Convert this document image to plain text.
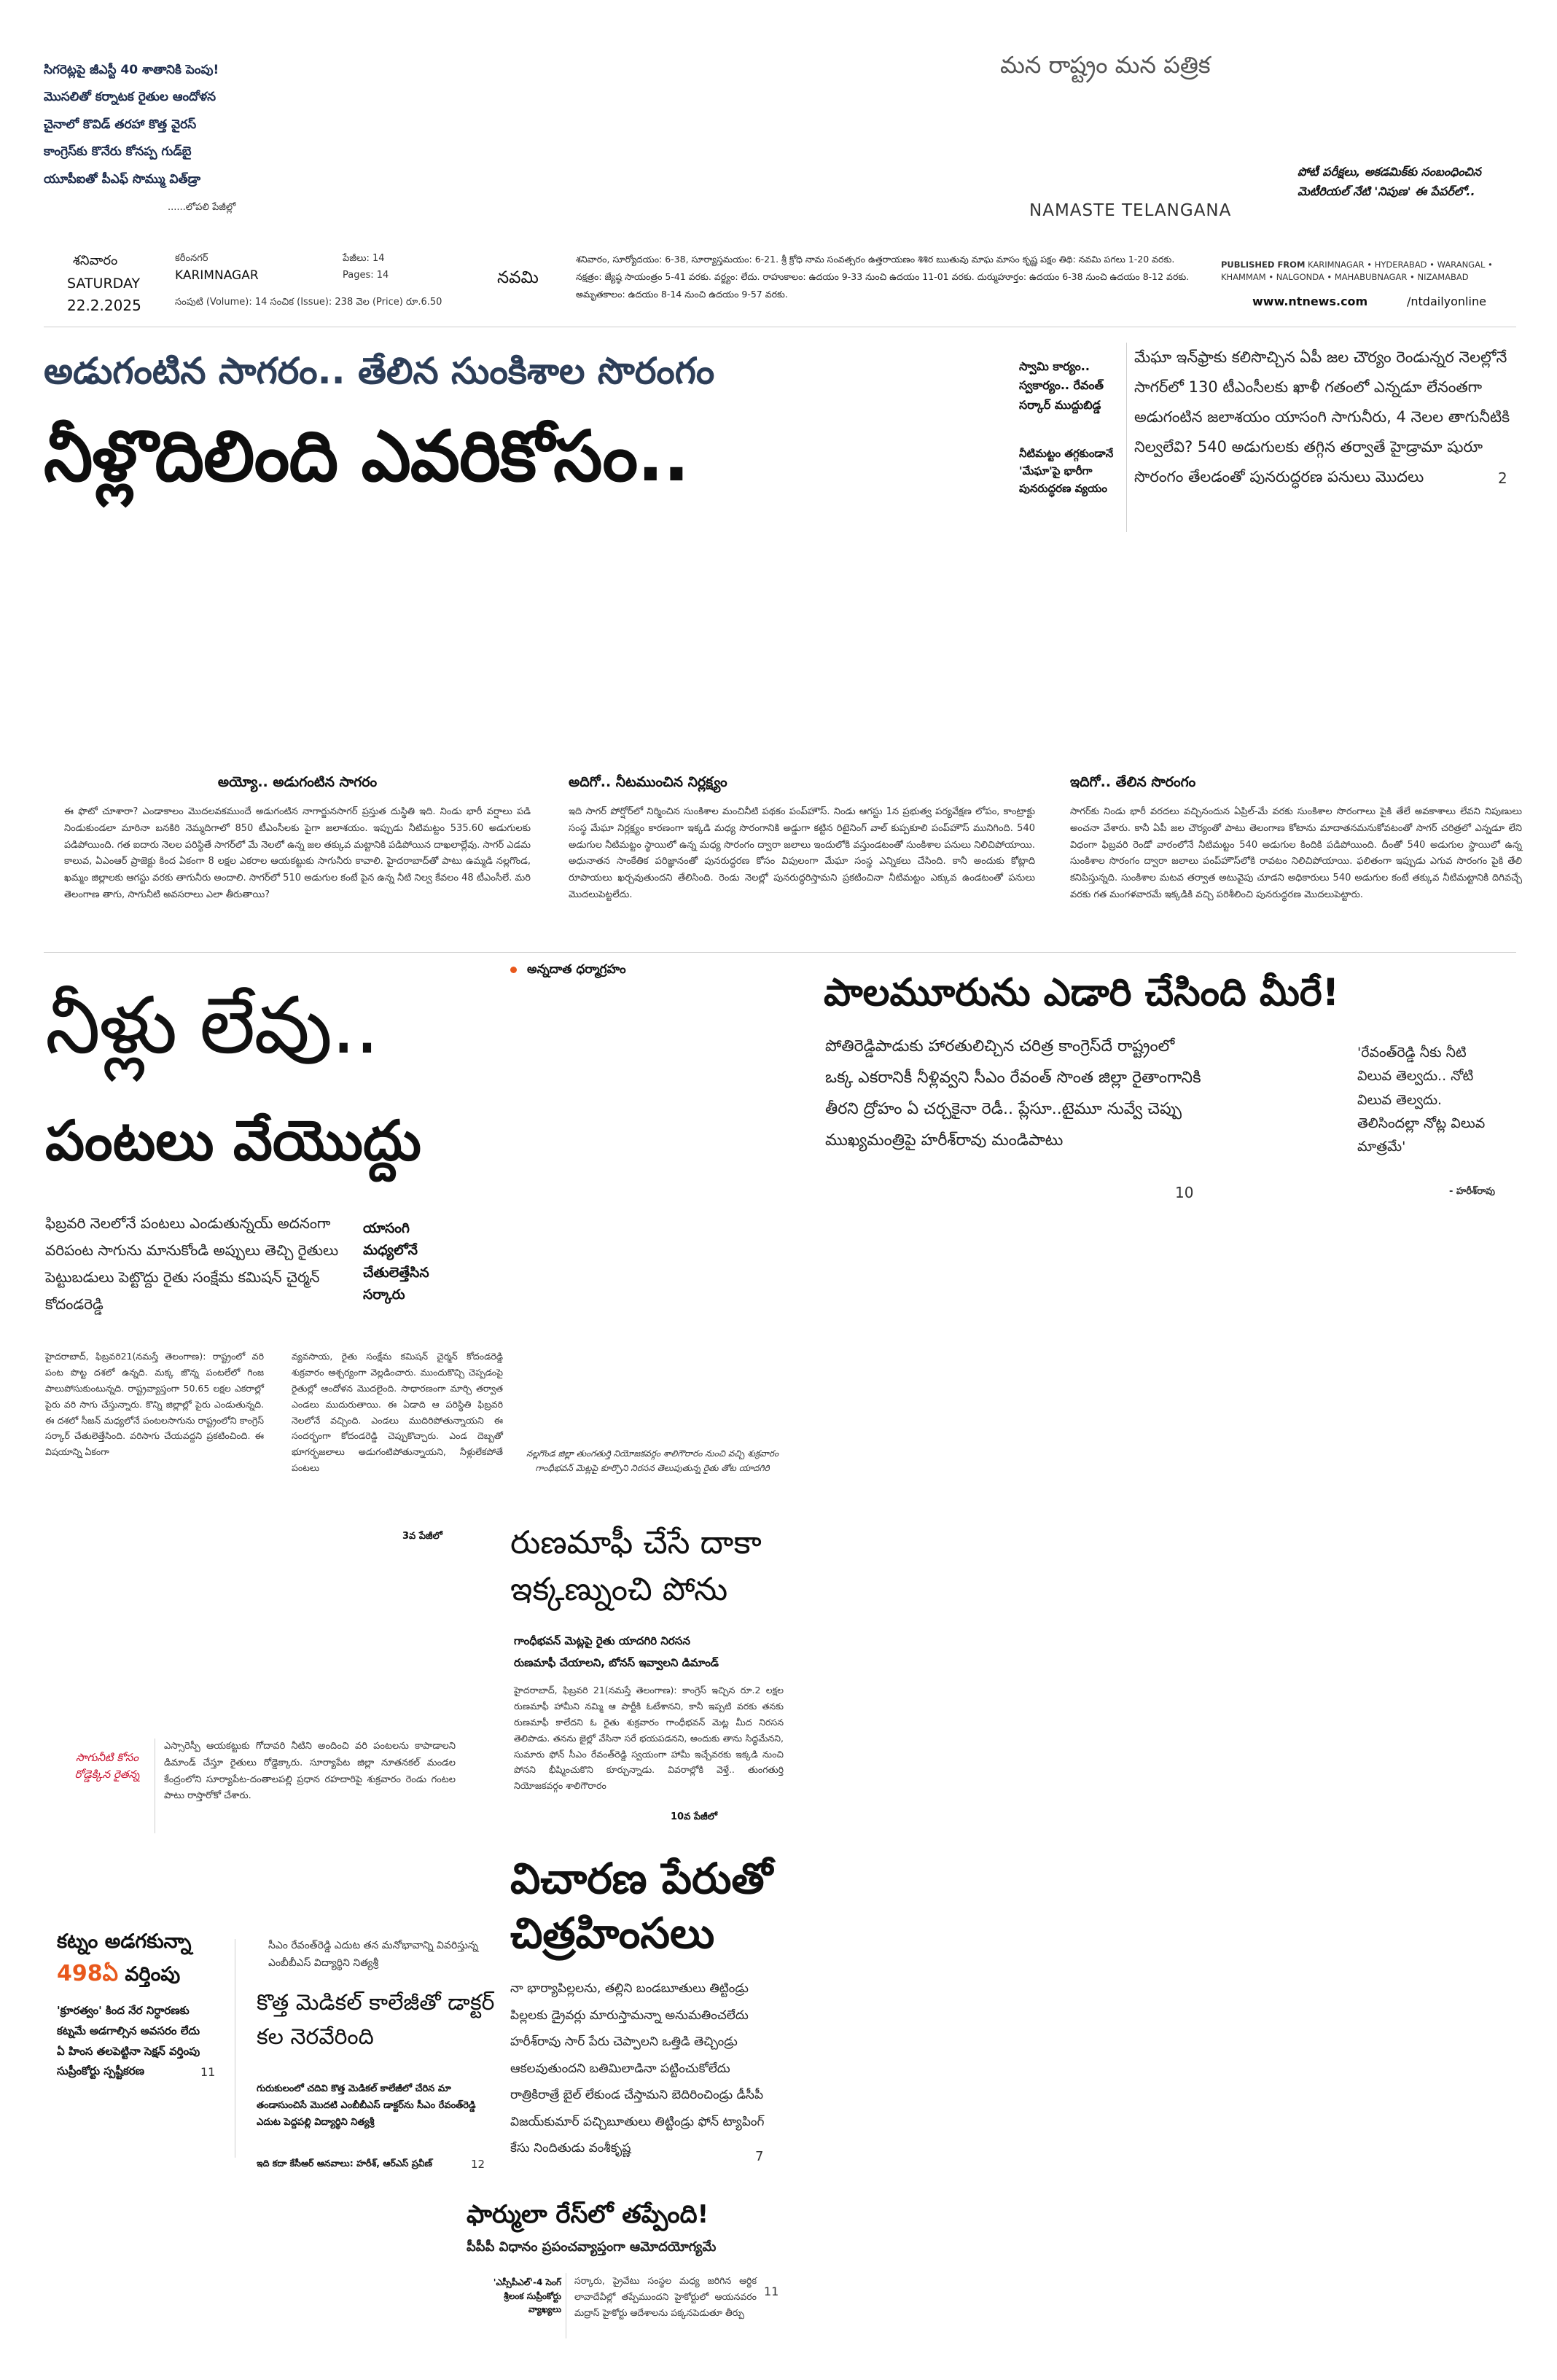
సిగరెట్లపై జీఎస్టీ 40 శాతానికి పెంపు!
మొసలితో కర్నాటక రైతుల ఆందోళన
చైనాలో కొవిడ్ తరహా కొత్త వైరస్
కాంగ్రెస్‌కు కొనేరు కోనప్ప గుడ్‌బై
యూపీఐతో పీఎఫ్ సొమ్ము విత్‌డ్రా
......లోపలి పేజీల్లో
మన రాష్ట్రం మన పత్రిక
NAMASTE TELANGANA
పోటీ పరీక్షలు, అకడమిక్‌కు సంబంధించిన మెటీరియల్ నేటి 'నిపుణ' ఈ పేపర్‌లో..
శనివారం
SATURDAY
22.2.2025
కరీంనగర్
KARIMNAGAR
పేజీలు: 14
Pages: 14
సంపుటి (Volume): 14 సంచిక (Issue): 238 వెల (Price) రూ.6.50
నవమి
శనివారం, సూర్యోదయం: 6-38, సూర్యాస్తమయం: 6-21. శ్రీ క్రోధి నామ సంవత్సరం ఉత్తరాయణం శిశిర ఋతువు మాఘ మాసం కృష్ణ పక్షం తిథి: నవమి పగలు 1-20 వరకు. నక్షత్రం: జ్యేష్ఠ సాయంత్రం 5-41 వరకు. వర్జ్యం: లేదు. రాహుకాలం: ఉదయం 9-33 నుంచి ఉదయం 11-01 వరకు. దుర్ముహూర్తం: ఉదయం 6-38 నుంచి ఉదయం 8-12 వరకు. అమృతకాలం: ఉదయం 8-14 నుంచి ఉదయం 9-57 వరకు.
PUBLISHED FROM KARIMNAGAR • HYDERABAD • WARANGAL • KHAMMAM • NALGONDA • MAHABUBNAGAR • NIZAMABAD
www.ntnews.com	/ntdailyonline
అడుగంటిన సాగరం.. తేలిన సుంకిశాల సొరంగం
నీళ్లొదిలింది ఎవరికోసం..
స్వామి కార్యం.. స్వకార్యం.. రేవంత్ సర్కార్ ముద్దుబిడ్డ
నీటిమట్టం తగ్గకుండానే 'మేఘా'పై భారీగా పునరుద్ధరణ వ్యయం
మేఘా ఇన్‌ఫ్రాకు కలిసొచ్చిన ఏపీ జల చౌర్యం రెండున్నర నెలల్లోనే సాగర్‌లో 130 టీఎంసీలకు ఖాళీ గతంలో ఎన్నడూ లేనంతగా అడుగంటిన జలాశయం యాసంగి సాగునీరు, 4 నెలల తాగునీటికి నిల్వలేవి? 540 అడుగులకు తగ్గిన తర్వాతే హైడ్రామా షురూ సొరంగం తేలడంతో పునరుద్ధరణ పనులు మొదలు	2
అయ్యో.. అడుగంటిన సాగరం
ఈ ఫొటో చూశారా? ఎండాకాలం మొదలవకముందే అడుగంటిన నాగార్జునసాగర్ ప్రస్తుత దుస్థితి ఇది. నిండు భారీ వర్షాలు పడి నిండుకుండలా మారినా బనకిరి నెమ్మదిగాలో 850 టీఎంసీలకు పైగా జలాశయం. ఇప్పుడు నీటిమట్టం 535.60 అడుగులకు పడిపోయింది. గత ఐదారు నెలల పరిస్థితే సాగర్‌లో మే నెలలో ఉన్న జల తక్కువ మట్టానికి పడిపోయిన దాఖలాల్లేవు. సాగర్ ఎడమ కాలువ, ఏఎంఆర్ ప్రాజెక్టు కింద ఏకంగా 8 లక్షల ఎకరాల ఆయకట్టుకు సాగునీరు కావాలి. హైదరాబాద్‌తో పాటు ఉమ్మడి నల్లగొండ, ఖమ్మం జిల్లాలకు ఆగస్టు వరకు తాగునీరు అందాలి. సాగర్‌లో 510 అడుగుల కంటే పైన ఉన్న నీటి నిల్వ కేవలం 48 టీఎంసీలే. మరి తెలంగాణ తాగు, సాగునీటి అవసరాలు ఎలా తీరుతాయి?
అదిగో.. నీటముంచిన నిర్లక్ష్యం
ఇది సాగర్ పోర్షోర్‌లో నిర్మించిన సుంకిశాల మంచినీటి పథకం పంప్‌హౌస్. నిండు ఆగస్టు 1న ప్రభుత్వ పర్యవేక్షణ లోపం, కాంట్రాక్టు సంస్థ మేఘా నిర్లక్ష్యం కారణంగా ఇక్కడి మధ్య సొరంగానికి అడ్డుగా కట్టిన రిటైనింగ్ వాల్ కుప్పకూలి పంప్‌హౌస్ మునిగింది. 540 అడుగుల నీటిమట్టం స్థాయిలో ఉన్న మధ్య సొరంగం ద్వారా జలాలు ఇందులోకి వస్తుండటంతో సుంకిశాల పనులు నిలిచిపోయాయి. అధునాతన సాంకేతిక పరిజ్ఞానంతో పునరుద్ధరణ కోసం విపులంగా మేఘా సంస్థ ఎన్నికలు చేసింది. కానీ అందుకు కోట్లాది రూపాయలు ఖర్చవుతుందని తేలిసింది. రెండు నెలల్లో పునరుద్ధరిస్తామని ప్రకటించినా నీటిమట్టం ఎక్కువ ఉండటంతో పనులు మొదలుపెట్టలేదు.
ఇదిగో.. తేలిన సొరంగం
సాగర్‌కు నిండు భారీ వరదలు వచ్చినందున ఏప్రిల్-మే వరకు సుంకిశాల సొరంగాలు పైకి తేలే అవకాశాలు లేవని నిపుణులు అంచనా వేశారు. కానీ ఏపీ జల చౌర్యంతో పాటు తెలంగాణ కోటాను మాదాతనమనుకోవటంతో సాగర్ చరిత్రలో ఎన్నడూ లేని విధంగా ఫిబ్రవరి రెండో వారంలోనే నీటిమట్టం 540 అడుగుల కిందికి పడిపోయింది. దీంతో 540 అడుగుల స్థాయిలో ఉన్న సుంకిశాల సొరంగం ద్వారా జలాలు పంప్‌హౌస్‌లోకి రావటం నిలిచిపోయాయి. ఫలితంగా ఇప్పుడు ఎగువ సొరంగం పైకి తేలి కనిపిస్తున్నది. సుంకిశాల మటవ తర్వాత అటువైపు చూడని అధికారులు 540 అడుగుల కంటే తక్కువ నీటిమట్టానికి దిగివచ్చే వరకు గత మంగళవారమే ఇక్కడికి వచ్చి పరిశీలించి పునరుద్ధరణ మొదలుపెట్టారు.
నీళ్లు లేవు..
పంటలు వేయొద్దు
ఫిబ్రవరి నెలలోనే పంటలు ఎండుతున్నయ్ అదనంగా వరిపంట సాగును మానుకోండి అప్పులు తెచ్చి రైతులు పెట్టుబడులు పెట్టొద్దు రైతు సంక్షేమ కమిషన్ చైర్మన్ కోదండరెడ్డి
యాసంగి మధ్యలోనే చేతులెత్తేసిన సర్కారు
హైదరాబాద్, ఫిబ్రవరి21(నమస్తే తెలంగాణ): రాష్ట్రంలో వరి పంట పొట్ట దశలో ఉన్నది. మక్క జొన్న పంటలేలో గింజ పాలుపోసుకుంటున్నది. రాష్ట్రవ్యాప్తంగా 50.65 లక్షల ఎకరాల్లో పైరు వరి సాగు చేస్తున్నారు. కొన్ని జిల్లాల్లో పైరు ఎండుతున్నది. ఈ దశలో సీజన్ మధ్యలోనే పంటలసాగును రాష్ట్రంలోని కాంగ్రెస్ సర్కార్ చేతులెత్తేసింది. వరిసాగు చేయవద్దని ప్రకటించింది. ఈ విషయాన్ని ఏకంగా
వ్యవసాయ, రైతు సంక్షేమ కమిషన్ చైర్మన్ కోదండరెడ్డి శుక్రవారం ఆశ్చర్యంగా వెల్లడించారు. ముందుకొచ్చి చెప్పడంపై రైతుల్లో ఆందోళన మొదలైంది. సాధారణంగా మార్చి తర్వాత ఎండలు ముదురుతాయి. ఈ ఏడాది ఆ పరిస్థితి ఫిబ్రవరి నెలలోనే వచ్చింది. ఎండలు ముదిరిపోతున్నాయని ఈ సందర్భంగా కోదండరెడ్డి చెప్పుకొచ్చారు. ఎండ దెబ్బతో భూగర్భజలాలు అడుగంటిపోతున్నాయని, నీళ్లులేకపోతే పంటలు
3వ పేజీలో
సాగునీటి కోసం రోడ్డెక్కిన రైతన్న
ఎస్సారెస్పీ ఆయకట్టుకు గోదావరి నీటిని అందించి వరి పంటలను కాపాడాలని డిమాండ్ చేస్తూ రైతులు రోడ్డెక్కారు. సూర్యాపేట జిల్లా నూతనకల్ మండల కేంద్రంలోని సూర్యాపేట-దంతాలపల్లి ప్రధాన రహదారిపై శుక్రవారం రెండు గంటల పాటు రాస్తారోకో చేశారు.
అన్నదాత ధర్మాగ్రహం
పాలమూరును ఎడారి చేసింది మీరే!
పోతిరెడ్డిపాడుకు హారతులిచ్చిన చరిత్ర కాంగ్రెస్‌దే రాష్ట్రంలో ఒక్క ఎకరానికీ నీళ్లివ్వని సీఎం రేవంత్ సొంత జిల్లా రైతాంగానికి తీరని ద్రోహం ఏ చర్చకైనా రెడీ.. ప్లేసూ..టైమూ నువ్వే చెప్పు ముఖ్యమంత్రిపై హరీశ్‌రావు మండిపాటు
10
'రేవంత్‌రెడ్డి నీకు నీటి విలువ తెల్వదు.. నోటి విలువ తెల్వదు. తెలిసిందల్లా నోట్ల విలువ మాత్రమే'
- హరీశ్‌రావు
నల్లగొండ జిల్లా తుంగతుర్తి నియోజకవర్గం శాలిగౌరారం నుంచి వచ్చి శుక్రవారం గాంధీభవన్ మెట్లపై కూర్చొని నిరసన తెలుపుతున్న రైతు తోట యాదగిరి
రుణమాఫీ చేసే దాకా ఇక్కణ్నుంచి పోను
గాంధీభవన్ మెట్లపై రైతు యాదగిరి నిరసన
రుణమాఫీ చేయాలని, బోనస్ ఇవ్వాలని డిమాండ్
హైదరాబాద్, ఫిబ్రవరి 21(నమస్తే తెలంగాణ): కాంగ్రెస్ ఇచ్చిన రూ.2 లక్షల రుణమాఫీ హామీని నమ్మి ఆ పార్టీకి ఓటేశానని, కానీ ఇప్పటి వరకు తనకు రుణమాఫీ కాలేదని ఓ రైతు శుక్రవారం గాంధీభవన్ మెట్ల మీద నిరసన తెలిపాడు. తనను జైల్లో వేసినా సరే భయపడనని, అందుకు తాను సిద్ధమేనని, సుమారు ఫోన్ సీఎం రేవంత్‌రెడ్డి స్వయంగా హామీ ఇచ్చేవరకు ఇక్కడి నుంచి పోనని భీష్మించుకొని కూర్చున్నాడు. వివరాల్లోకి వెళ్తే.. తుంగతుర్తి నియోజకవర్గం శాలిగౌరారం
10వ పేజీలో
విచారణ పేరుతో చిత్రహింసలు
నా భార్యాపిల్లలను, తల్లిని బండబూతులు తిట్టిండ్రు పిల్లలకు డ్రైవర్లు మారుస్తామన్నా అనుమతించలేదు హరీశ్‌రావు సార్ పేరు చెప్పాలని ఒత్తిడి తెచ్చిండ్రు ఆకలవుతుందని బతిమిలాడినా పట్టించుకోలేదు రాత్రికిరాత్రే బైల్ లేకుండ చేస్తామని బెదిరించిండ్రు డీసీపీ విజయ్‌కుమార్ పచ్చిబూతులు తిట్టిండ్రు ఫోన్ ట్యాపింగ్ కేసు నిందితుడు వంశీకృష్ణ
7
కట్నం అడగకున్నా
498ఏ వర్తింపు
'క్రూరత్వం' కింద నేర నిర్ధారణకు కట్నమే అడగాల్సిన అవసరం లేదు ఏ హింస తలపెట్టినా సెక్షన్ వర్తింపు సుప్రీంకోర్టు స్పష్టీకరణ	11
సీఎం రేవంత్‌రెడ్డి ఎదుట తన మనోభావాన్ని వివరిస్తున్న ఎంబీబీఎస్ విద్యార్థిని నిత్యశ్రీ
కొత్త మెడికల్ కాలేజీతో డాక్టర్ కల నెరవేరింది
గురుకులంలో చదివి కొత్త మెడికల్ కాలేజీలో చేరిన మా తండాసుంచిసే మొదటి ఎంబీబీఎస్ డాక్టర్‌ను సీఎం రేవంత్‌రెడ్డి ఎదుట పెద్దపల్లి విద్యార్థిని నిత్యశ్రీ
ఇది కదా కేసీఆర్ ఆనవాలు: హరీశ్, ఆర్ఎస్ ప్రవీణ్	12
ఫార్ములా రేస్‌లో తప్పేంది!
పీపీపీ విధానం ప్రపంచవ్యాప్తంగా ఆమోదయోగ్యమే
'ఎస్సీపీఎల్'-4 సెంగ్ శ్రీలంక సుప్రీంకోర్టు వ్యాఖ్యలు
సర్కారు, ప్రైవేటు సంస్థల మధ్య జరిగిన ఆర్థిక లావాదేవీల్లో తప్పేముందని హైకోర్టులో ఆయనవరం మద్రాస్ హైకోర్టు ఆదేశాలను పక్కనపెడుతూ తీర్పు
11
